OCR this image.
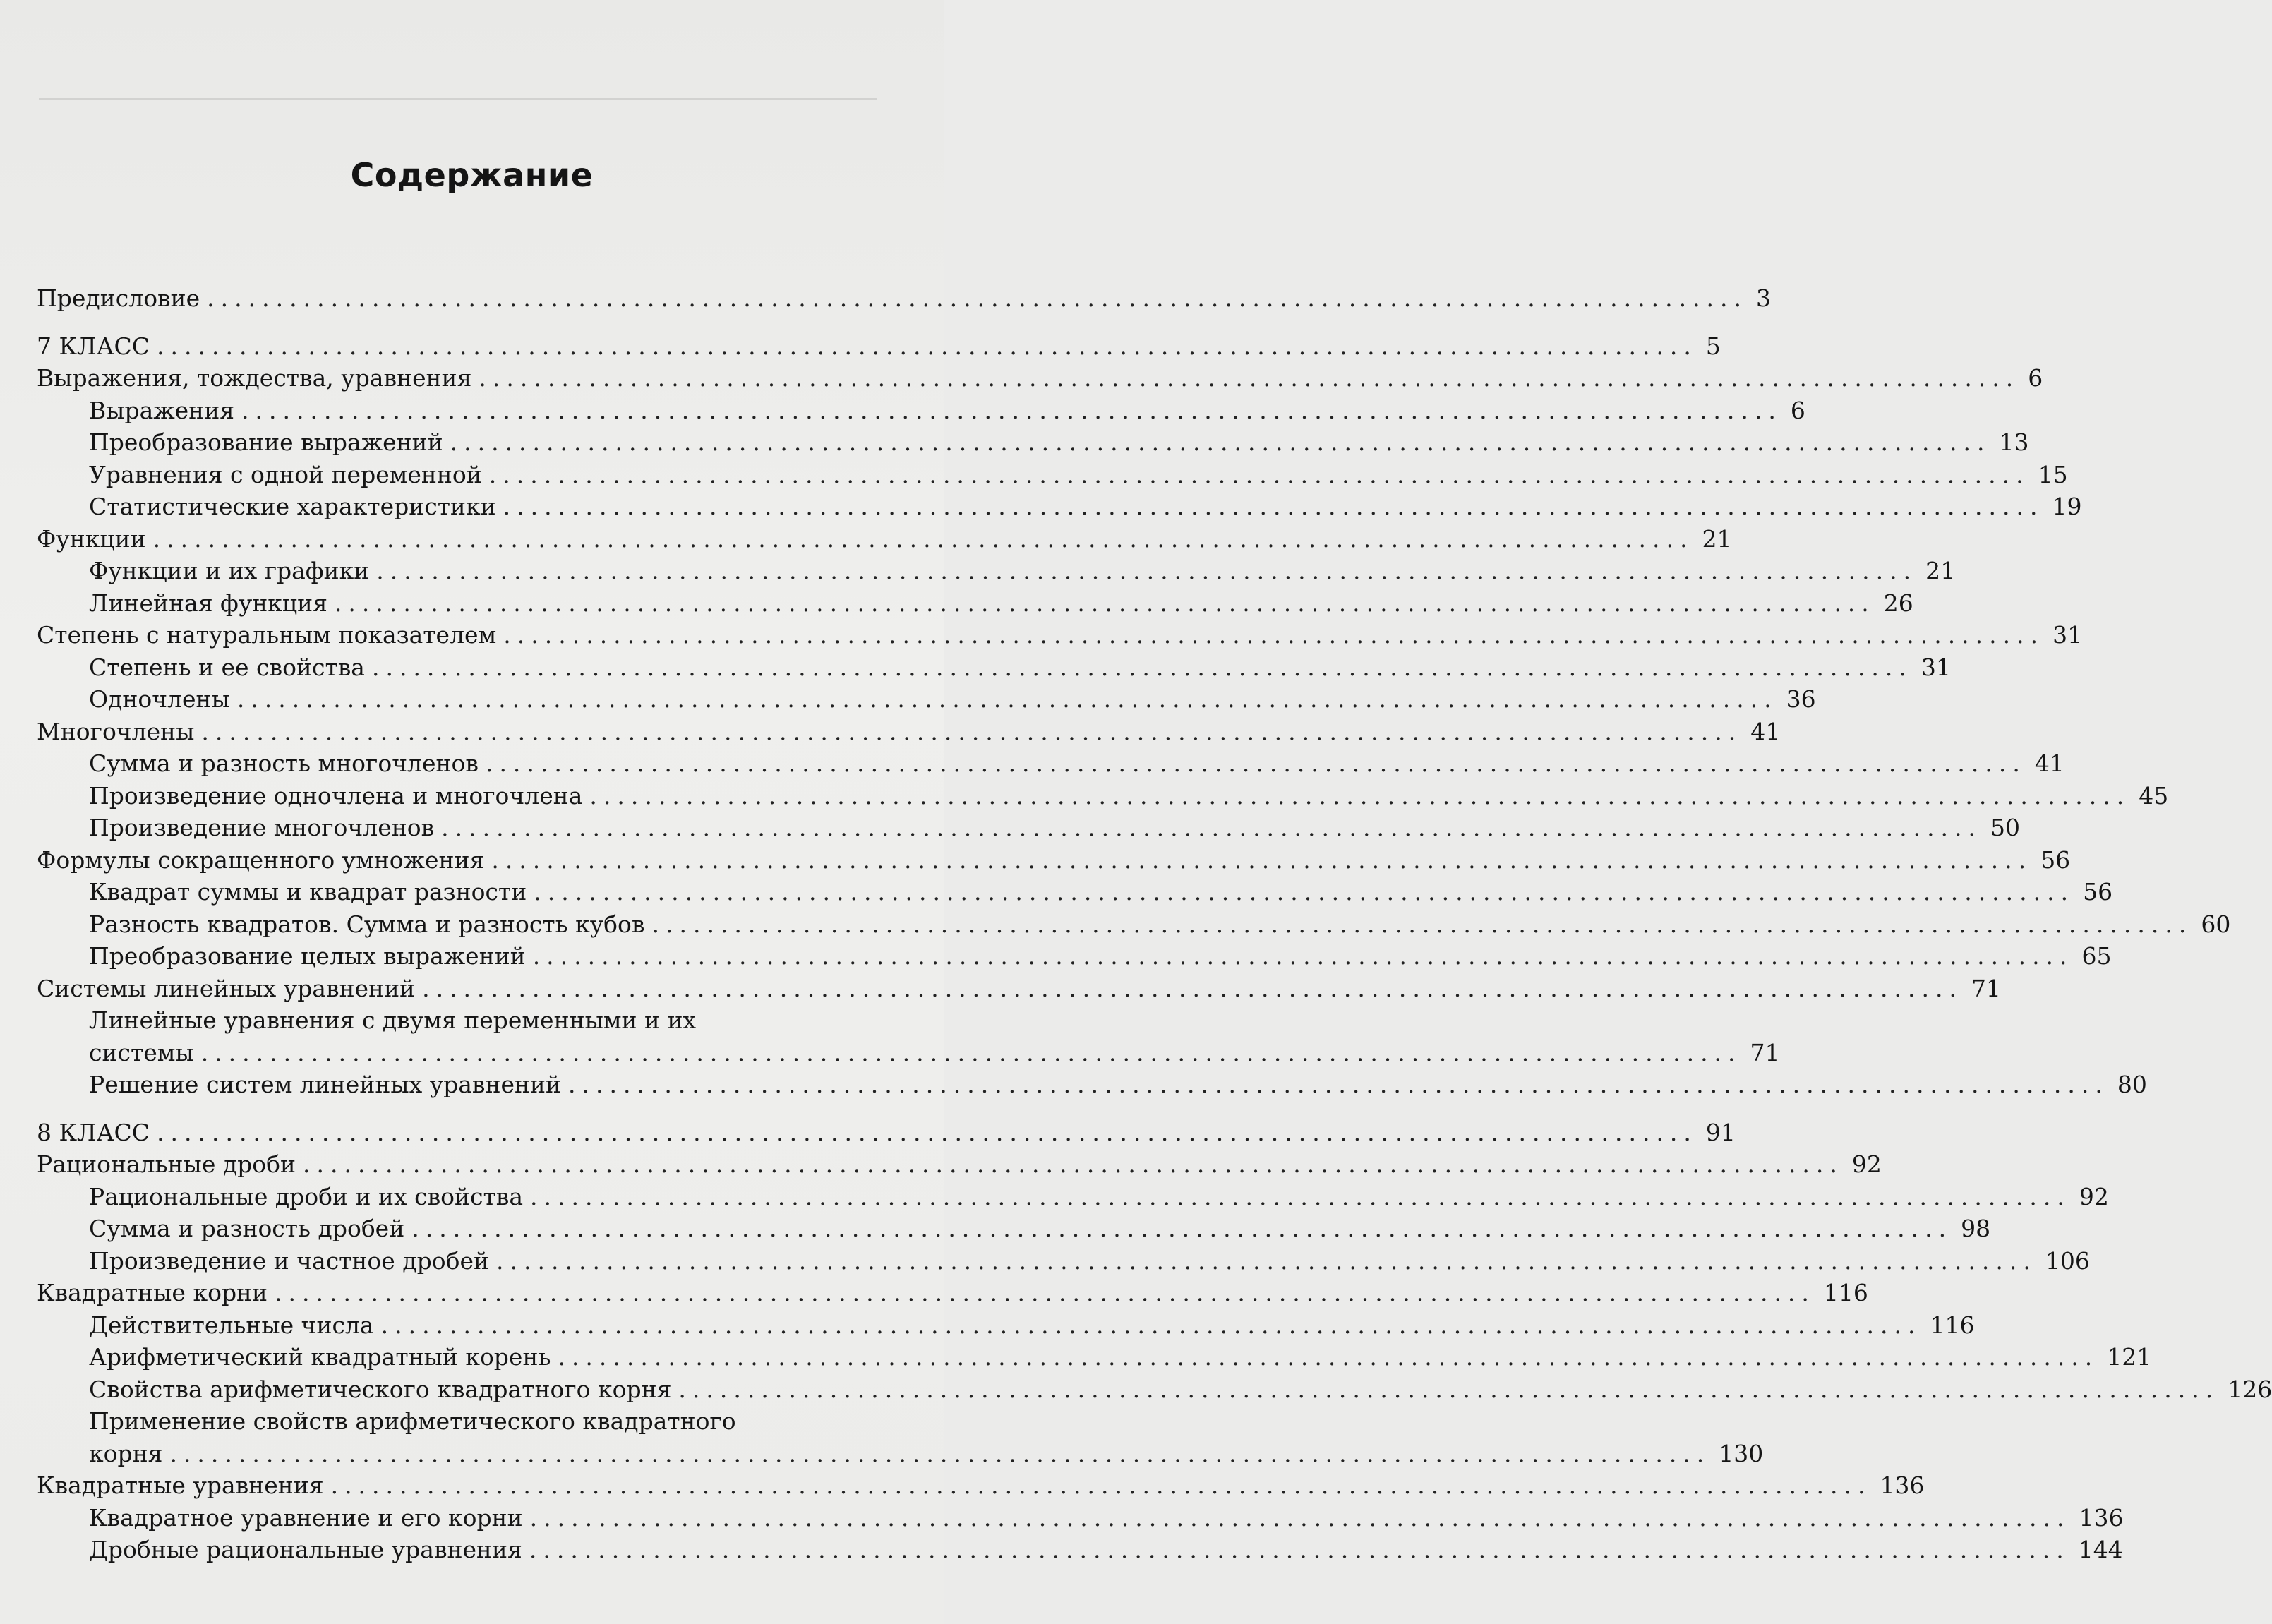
Содержание
Предисловие ................................................................................................................ 3
7 КЛАСС ................................................................................................................ 5
Выражения, тождества, уравнения ................................................................................................................ 6
Выражения ................................................................................................................ 6
Преобразование выражений ................................................................................................................ 13
Уравнения с одной переменной ................................................................................................................ 15
Статистические характеристики ................................................................................................................ 19
Функции ................................................................................................................ 21
Функции и их графики ................................................................................................................ 21
Линейная функция ................................................................................................................ 26
Степень с натуральным показателем ................................................................................................................ 31
Степень и ее свойства ................................................................................................................ 31
Одночлены ................................................................................................................ 36
Многочлены ................................................................................................................ 41
Сумма и разность многочленов ................................................................................................................ 41
Произведение одночлена и многочлена ................................................................................................................ 45
Произведение многочленов ................................................................................................................ 50
Формулы сокращенного умножения ................................................................................................................ 56
Квадрат суммы и квадрат разности ................................................................................................................ 56
Разность квадратов. Сумма и разность кубов ................................................................................................................ 60
Преобразование целых выражений ................................................................................................................ 65
Системы линейных уравнений ................................................................................................................ 71
Линейные уравнения с двумя переменными и их
системы ................................................................................................................ 71
Решение систем линейных уравнений ................................................................................................................ 80
8 КЛАСС ................................................................................................................ 91
Рациональные дроби ................................................................................................................ 92
Рациональные дроби и их свойства ................................................................................................................ 92
Сумма и разность дробей ................................................................................................................ 98
Произведение и частное дробей ................................................................................................................ 106
Квадратные корни ................................................................................................................ 116
Действительные числа ................................................................................................................ 116
Арифметический квадратный корень ................................................................................................................ 121
Свойства арифметического квадратного корня ................................................................................................................ 126
Применение свойств арифметического квадратного
корня ................................................................................................................ 130
Квадратные уравнения ................................................................................................................ 136
Квадратное уравнение и его корни ................................................................................................................ 136
Дробные рациональные уравнения ................................................................................................................ 144
